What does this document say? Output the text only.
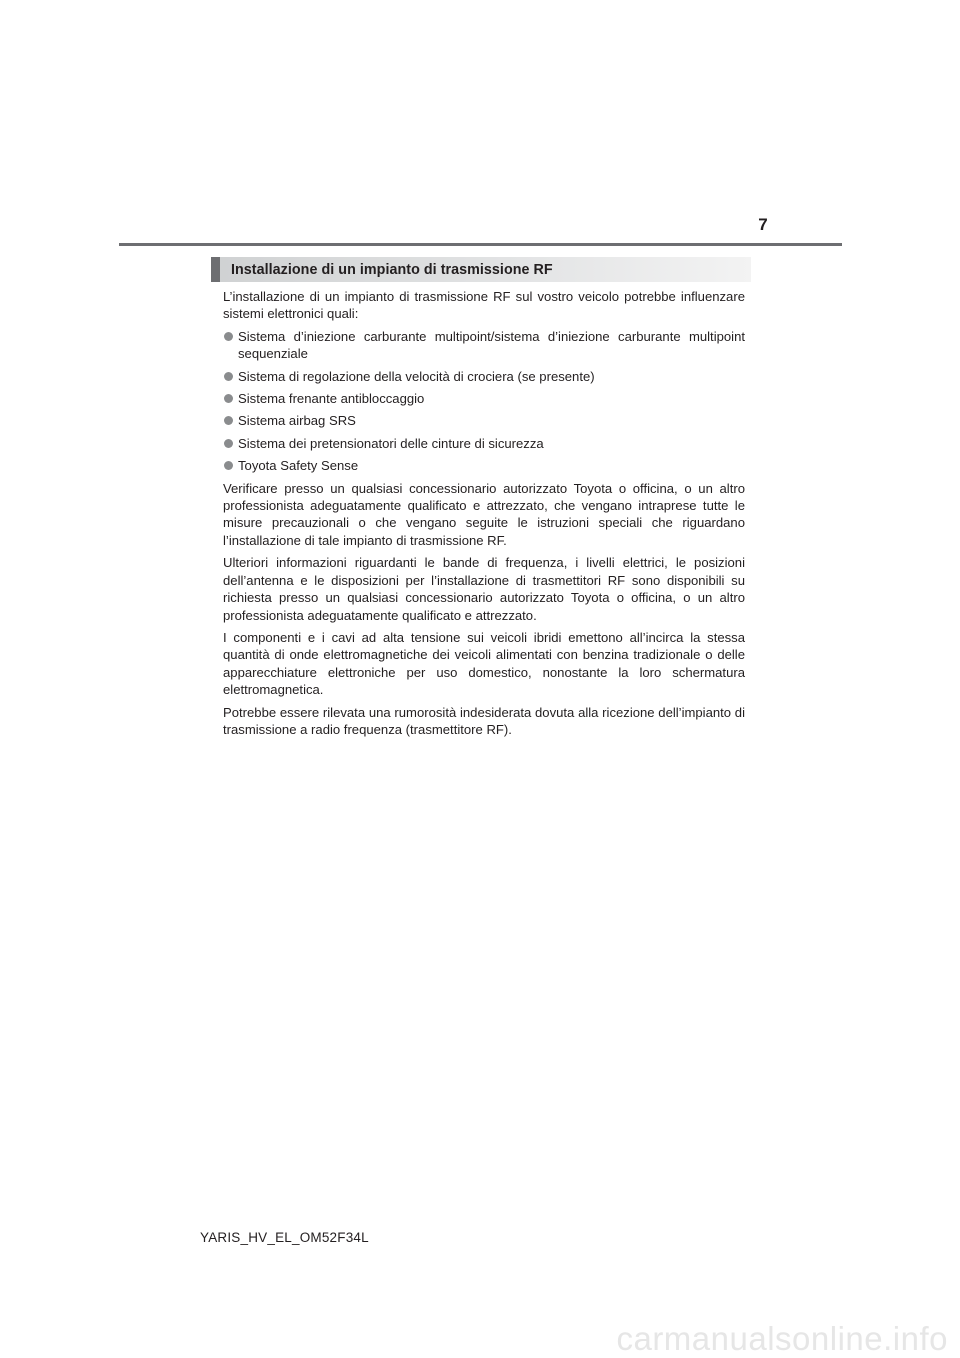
7
Installazione di un impianto di trasmissione RF

L’installazione di un impianto di trasmissione RF sul vostro veicolo potrebbe influenzare sistemi elettronici quali:

Sistema d’iniezione carburante multipoint/sistema d’iniezione carburante multipoint sequenziale
Sistema di regolazione della velocità di crociera (se presente)
Sistema frenante antibloccaggio
Sistema airbag SRS
Sistema dei pretensionatori delle cinture di sicurezza
Toyota Safety Sense

Verificare presso un qualsiasi concessionario autorizzato Toyota o officina, o un altro professionista adeguatamente qualificato e attrezzato, che vengano intraprese tutte le misure precauzionali o che vengano seguite le istruzioni speciali che riguardano l’installazione di tale impianto di trasmissione RF.

Ulteriori informazioni riguardanti le bande di frequenza, i livelli elettrici, le posizioni dell’antenna e le disposizioni per l’installazione di trasmettitori RF sono disponibili su richiesta presso un qualsiasi concessionario autorizzato Toyota o officina, o un altro professionista adeguatamente qualificato e attrezzato.

I componenti e i cavi ad alta tensione sui veicoli ibridi emettono all’incirca la stessa quantità di onde elettromagnetiche dei veicoli alimentati con benzina tradizionale o delle apparecchiature elettroniche per uso domestico, nonostante la loro schermatura elettromagnetica.

Potrebbe essere rilevata una rumorosità indesiderata dovuta alla ricezione dell’impianto di trasmissione a radio frequenza (trasmettitore RF).

YARIS_HV_EL_OM52F34L
carmanualsonline.info
